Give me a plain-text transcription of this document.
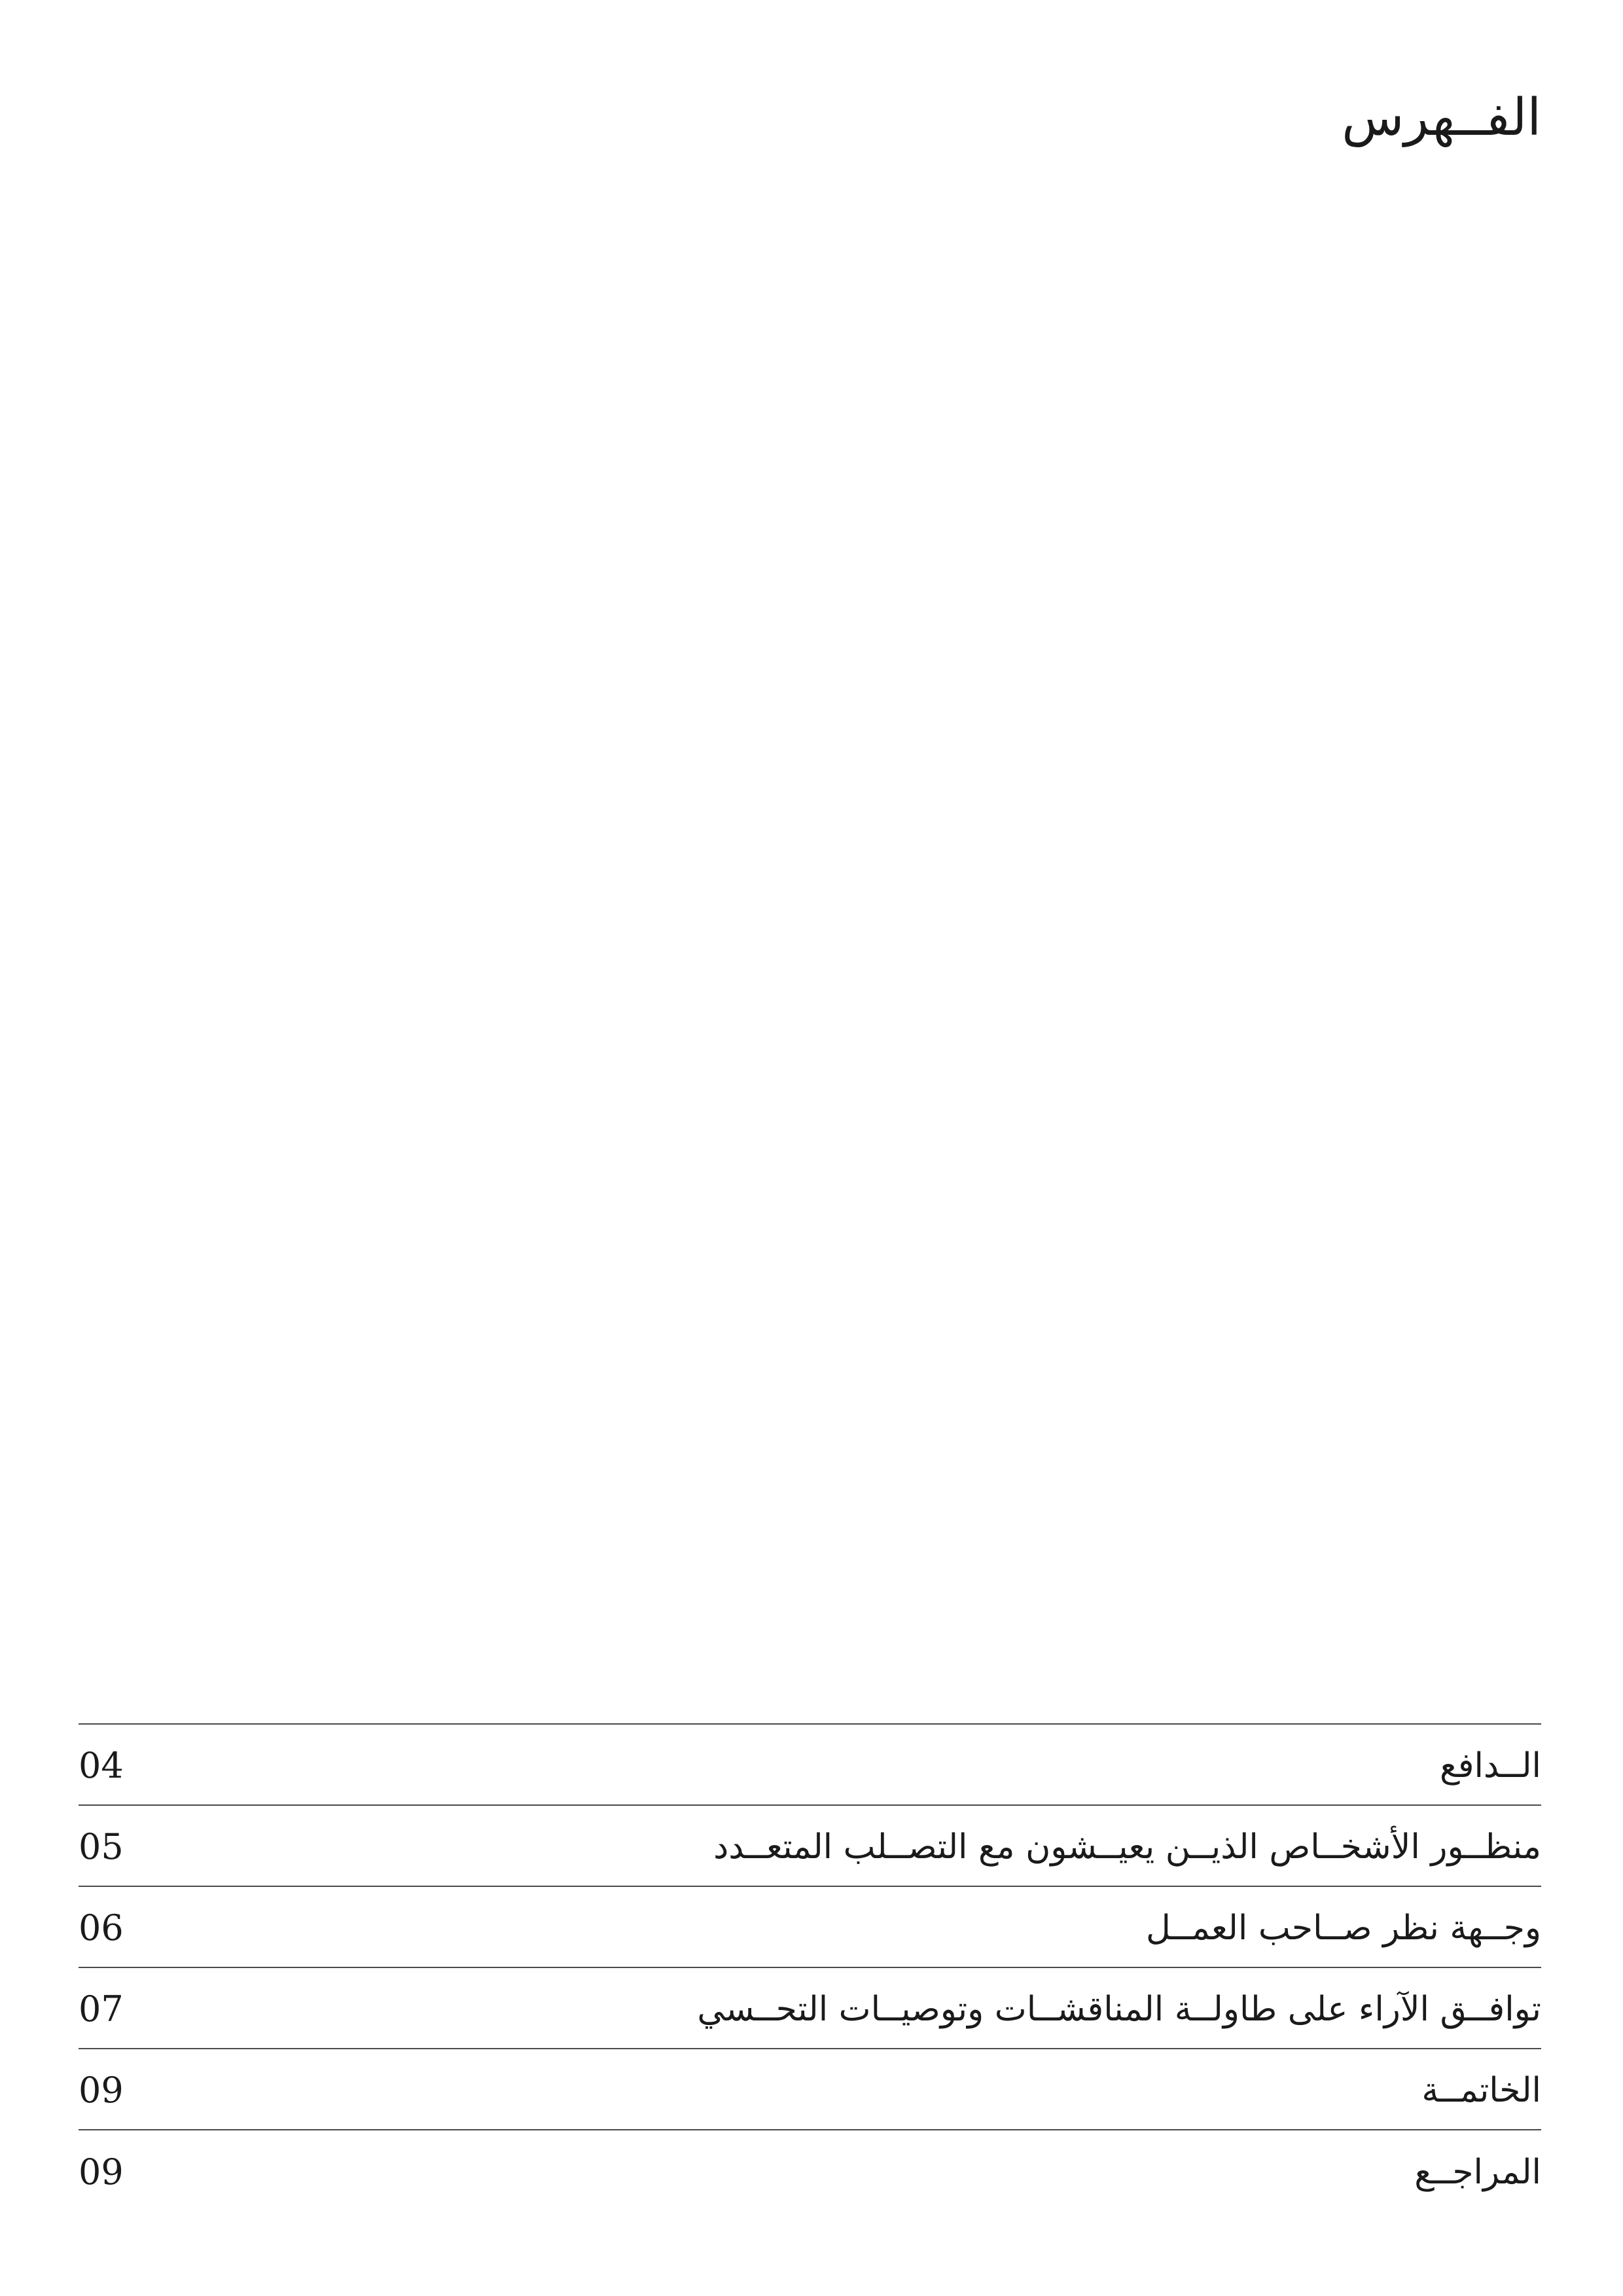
الفــهرس
04	الــدافع
05	منظــور الأشخــاص الذيــن يعيــشون مع التصــلب المتعــدد
06	وجــهة نظر صــاحب العمــل
07	توافــق الآراء على طاولــة المناقشــات وتوصيــات التحــسي
09	الخاتمــة
09	المراجــع
